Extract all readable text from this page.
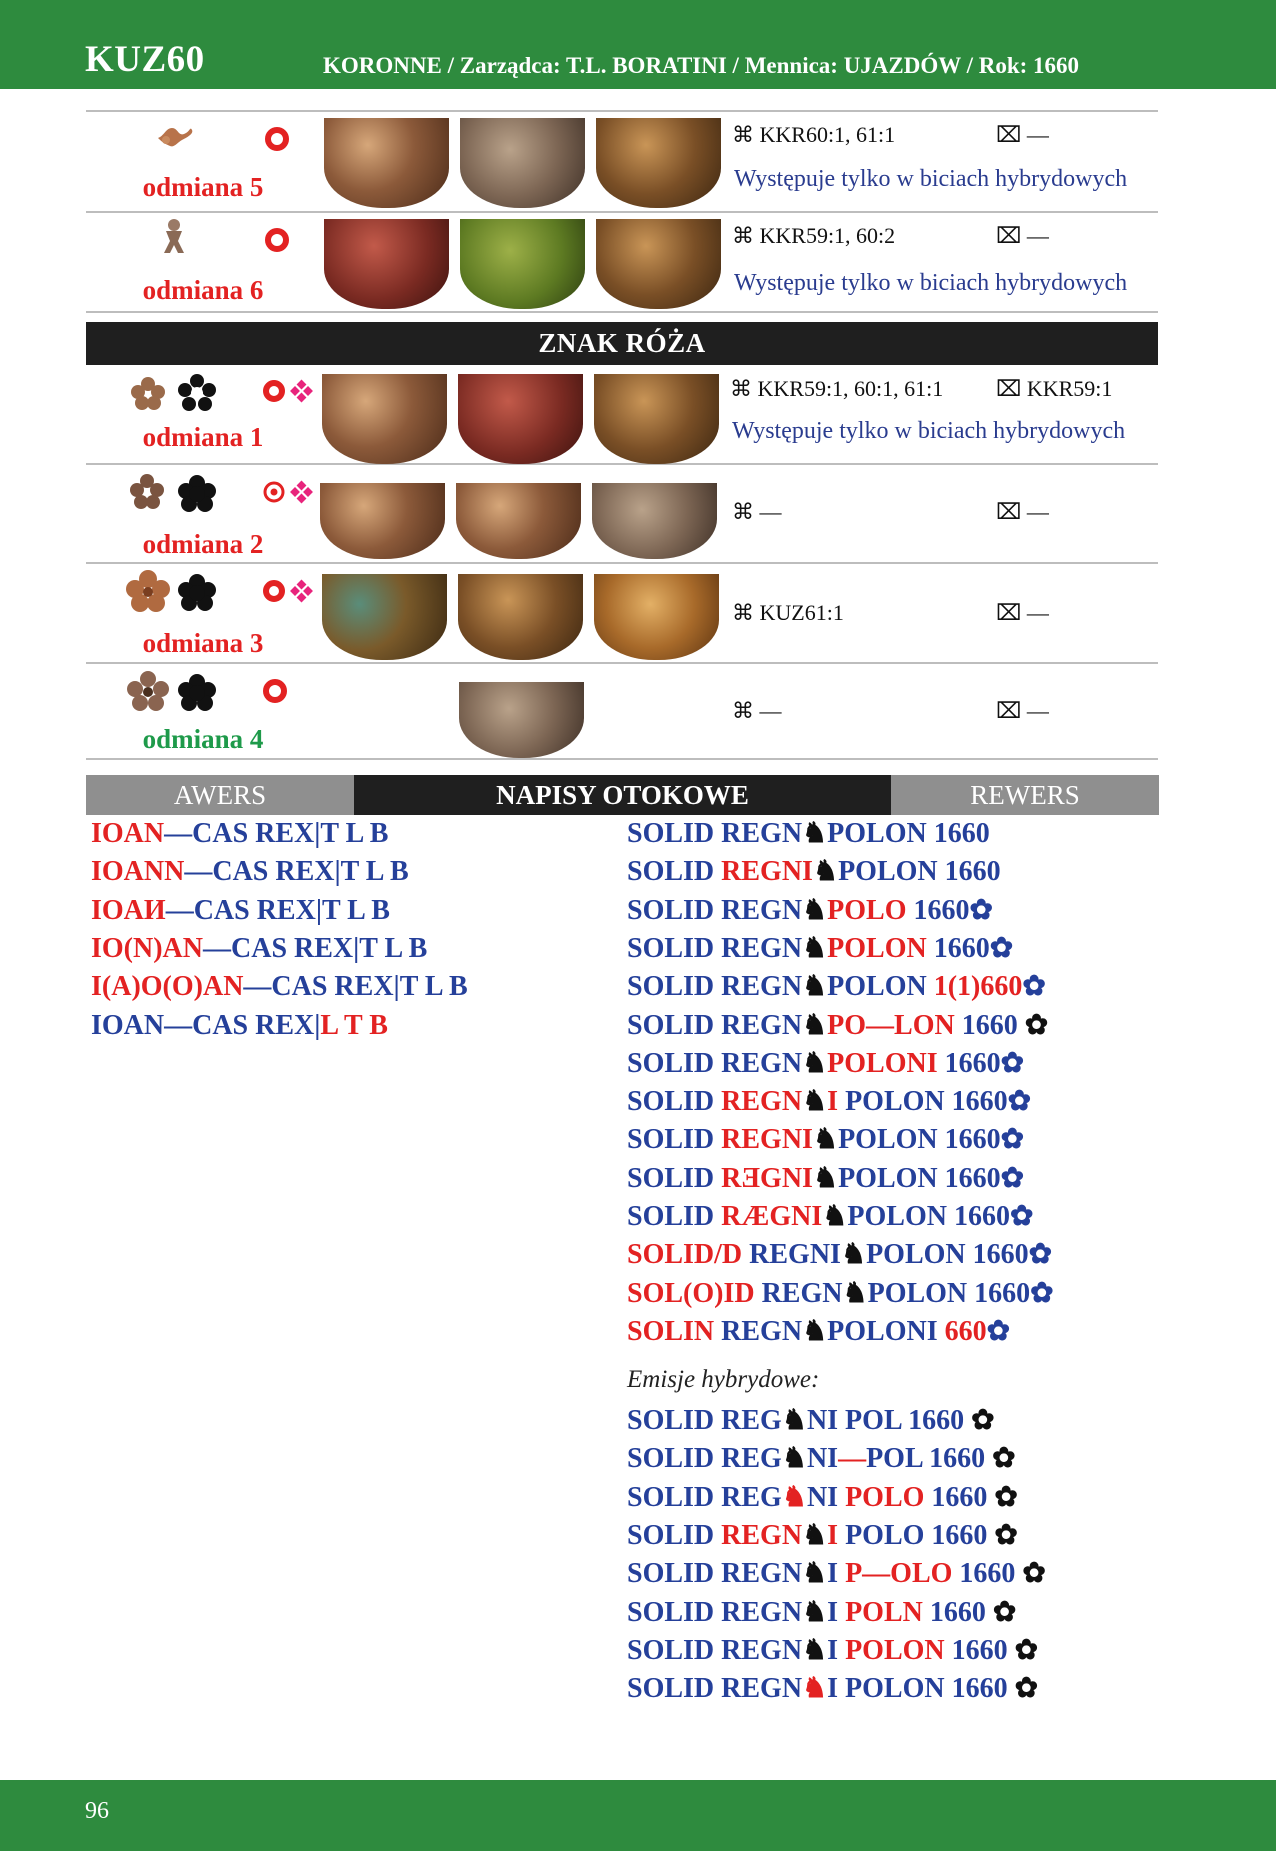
KUZ60	KORONNE / Zarządca: T.L. BORATINI / Mennica: UJAZDÓW / Rok: 1660
odmiana 5
⌘ KKR60:1, 61:1	⌧ —
Występuje tylko w biciach hybrydowych
odmiana 6
⌘ KKR59:1, 60:2	⌧ —
Występuje tylko w biciach hybrydowych
ZNAK RÓŻA
odmiana 1
⌘ KKR59:1, 60:1, 61:1 ⌧ KKR59:1
Występuje tylko w biciach hybrydowych
odmiana 2
⌘ —	⌧ —
odmiana 3
⌘ KUZ61:1	⌧ —
odmiana 4
⌘ —	⌧ —
AWERS	NAPISY OTOKOWE	REWERS
IOAN—CAS REX|T L B
IOANN—CAS REX|T L B
IOAИ—CAS REX|T L B
IO(N)AN—CAS REX|T L B
I(A)O(O)AN—CAS REX|T L B
IOAN—CAS REX|L T B
SOLID REGN♞POLON 1660
SOLID REGNI♞POLON 1660
SOLID REGN♞POLO 1660✿
SOLID REGN♞POLON 1660✿
SOLID REGN♞POLON 1(1)660✿
SOLID REGN♞PO—LON 1660 ✿
SOLID REGN♞POLONI 1660✿
SOLID REGN♞I POLON 1660✿
SOLID REGNI♞POLON 1660✿
SOLID RƎGNI♞POLON 1660✿
SOLID RÆGNI♞POLON 1660✿
SOLID/D REGNI♞POLON 1660✿
SOL(O)ID REGN♞POLON 1660✿
SOLIN REGN♞POLONI 660✿
Emisje hybrydowe:
SOLID REG♞NI POL 1660 ✿
SOLID REG♞NI—POL 1660 ✿
SOLID REG♞NI POLO 1660 ✿
SOLID REGN♞I POLO 1660 ✿
SOLID REGN♞I P—OLO 1660 ✿
SOLID REGN♞I POLN 1660 ✿
SOLID REGN♞I POLON 1660 ✿
SOLID REGN♞I POLON 1660 ✿
96
